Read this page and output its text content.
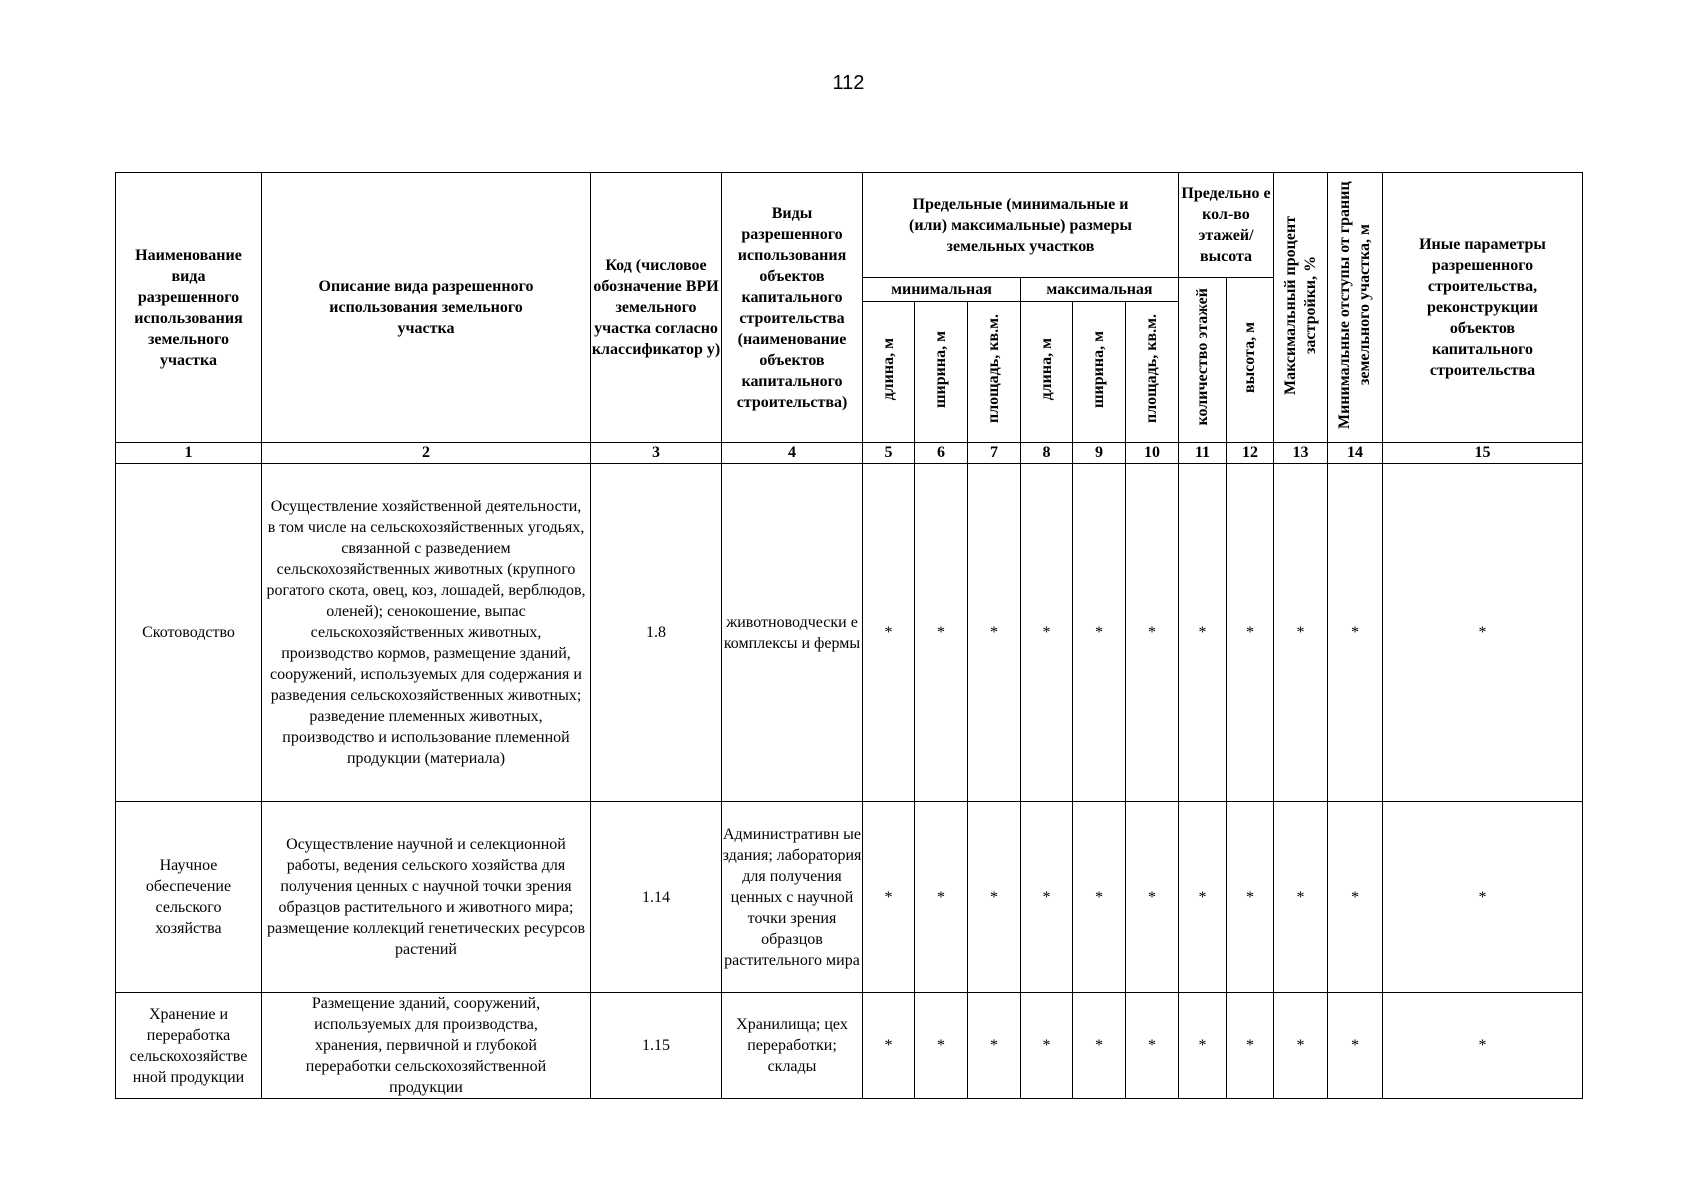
112
Наименование вида разрешенного использования земельного участка	Описание вида разрешенного использования земельного участка	Код (числовое обозначение ВРИ земельного участка согласно классификатор у)	Виды разрешенного использования объектов капитального строительства (наименование объектов капитального строительства)	Предельные (минимальные и (или) максимальные) размеры земельных участков						Предельно е кол-во этажей/ высота		Максимальный процент застройки, %	Минимальные отступы от границ земельного участка, м	Иные параметры разрешенного строительства, реконструкции объектов капитального строительства

				минимальная			максимальная			количество этажей	высота, м			
				длина, м	ширина, м	площадь, кв.м.	длина, м	ширина, м	площадь, кв.м.					
1	2	3	4	5	6	7	8	9	10	11	12	13	14	15
Скотоводство	Осуществление хозяйственной деятельности, в том числе на сельскохозяйственных угодьях, связанной с разведением сельскохозяйственных животных (крупного рогатого скота, овец, коз, лошадей, верблюдов, оленей); сенокошение, выпас сельскохозяйственных животных, производство кормов, размещение зданий, сооружений, используемых для содержания и разведения сельскохозяйственных животных; разведение племенных животных, производство и использование племенной продукции (материала)	1.8	животноводчески е комплексы и фермы	*	*	*	*	*	*	*	*	*	*	*

Научное обеспечение сельского хозяйства	Осуществление научной и селекционной работы, ведения сельского хозяйства для получения ценных с научной точки зрения образцов растительного и животного мира; размещение коллекций генетических ресурсов растений	1.14	Административн ые здания; лаборатория для получения ценных с научной точки зрения образцов растительного мира	*	*	*	*	*	*	*	*	*	*	*
Хранение и переработка сельскохозяйстве нной продукции	Размещение зданий, сооружений, используемых для производства, хранения, первичной и глубокой переработки сельскохозяйственной продукции	1.15	Хранилища; цех переработки; склады	*	*	*	*	*	*	*	*	*	*	*
